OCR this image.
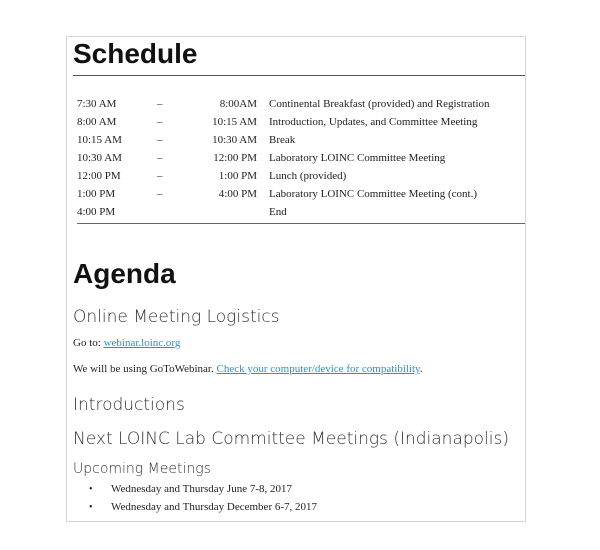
Schedule
7:30 AM	–	8:00AM		Continental Breakfast (provided) and Registration
8:00 AM	–	10:15 AM		Introduction, Updates, and Committee Meeting
10:15 AM	–	10:30 AM		Break
10:30 AM	–	12:00 PM		Laboratory LOINC Committee Meeting
12:00 PM	–	1:00 PM		Lunch (provided)
1:00 PM	–	4:00 PM		Laboratory LOINC Committee Meeting (cont.)
4:00 PM				End
Agenda
Online Meeting Logistics
Go to: webinar.loinc.org
We will be using GoToWebinar. Check your computer/device for compatibility.
Introductions
Next LOINC Lab Committee Meetings (Indianapolis)
Upcoming Meetings
• Wednesday and Thursday June 7-8, 2017
• Wednesday and Thursday December 6-7, 2017
